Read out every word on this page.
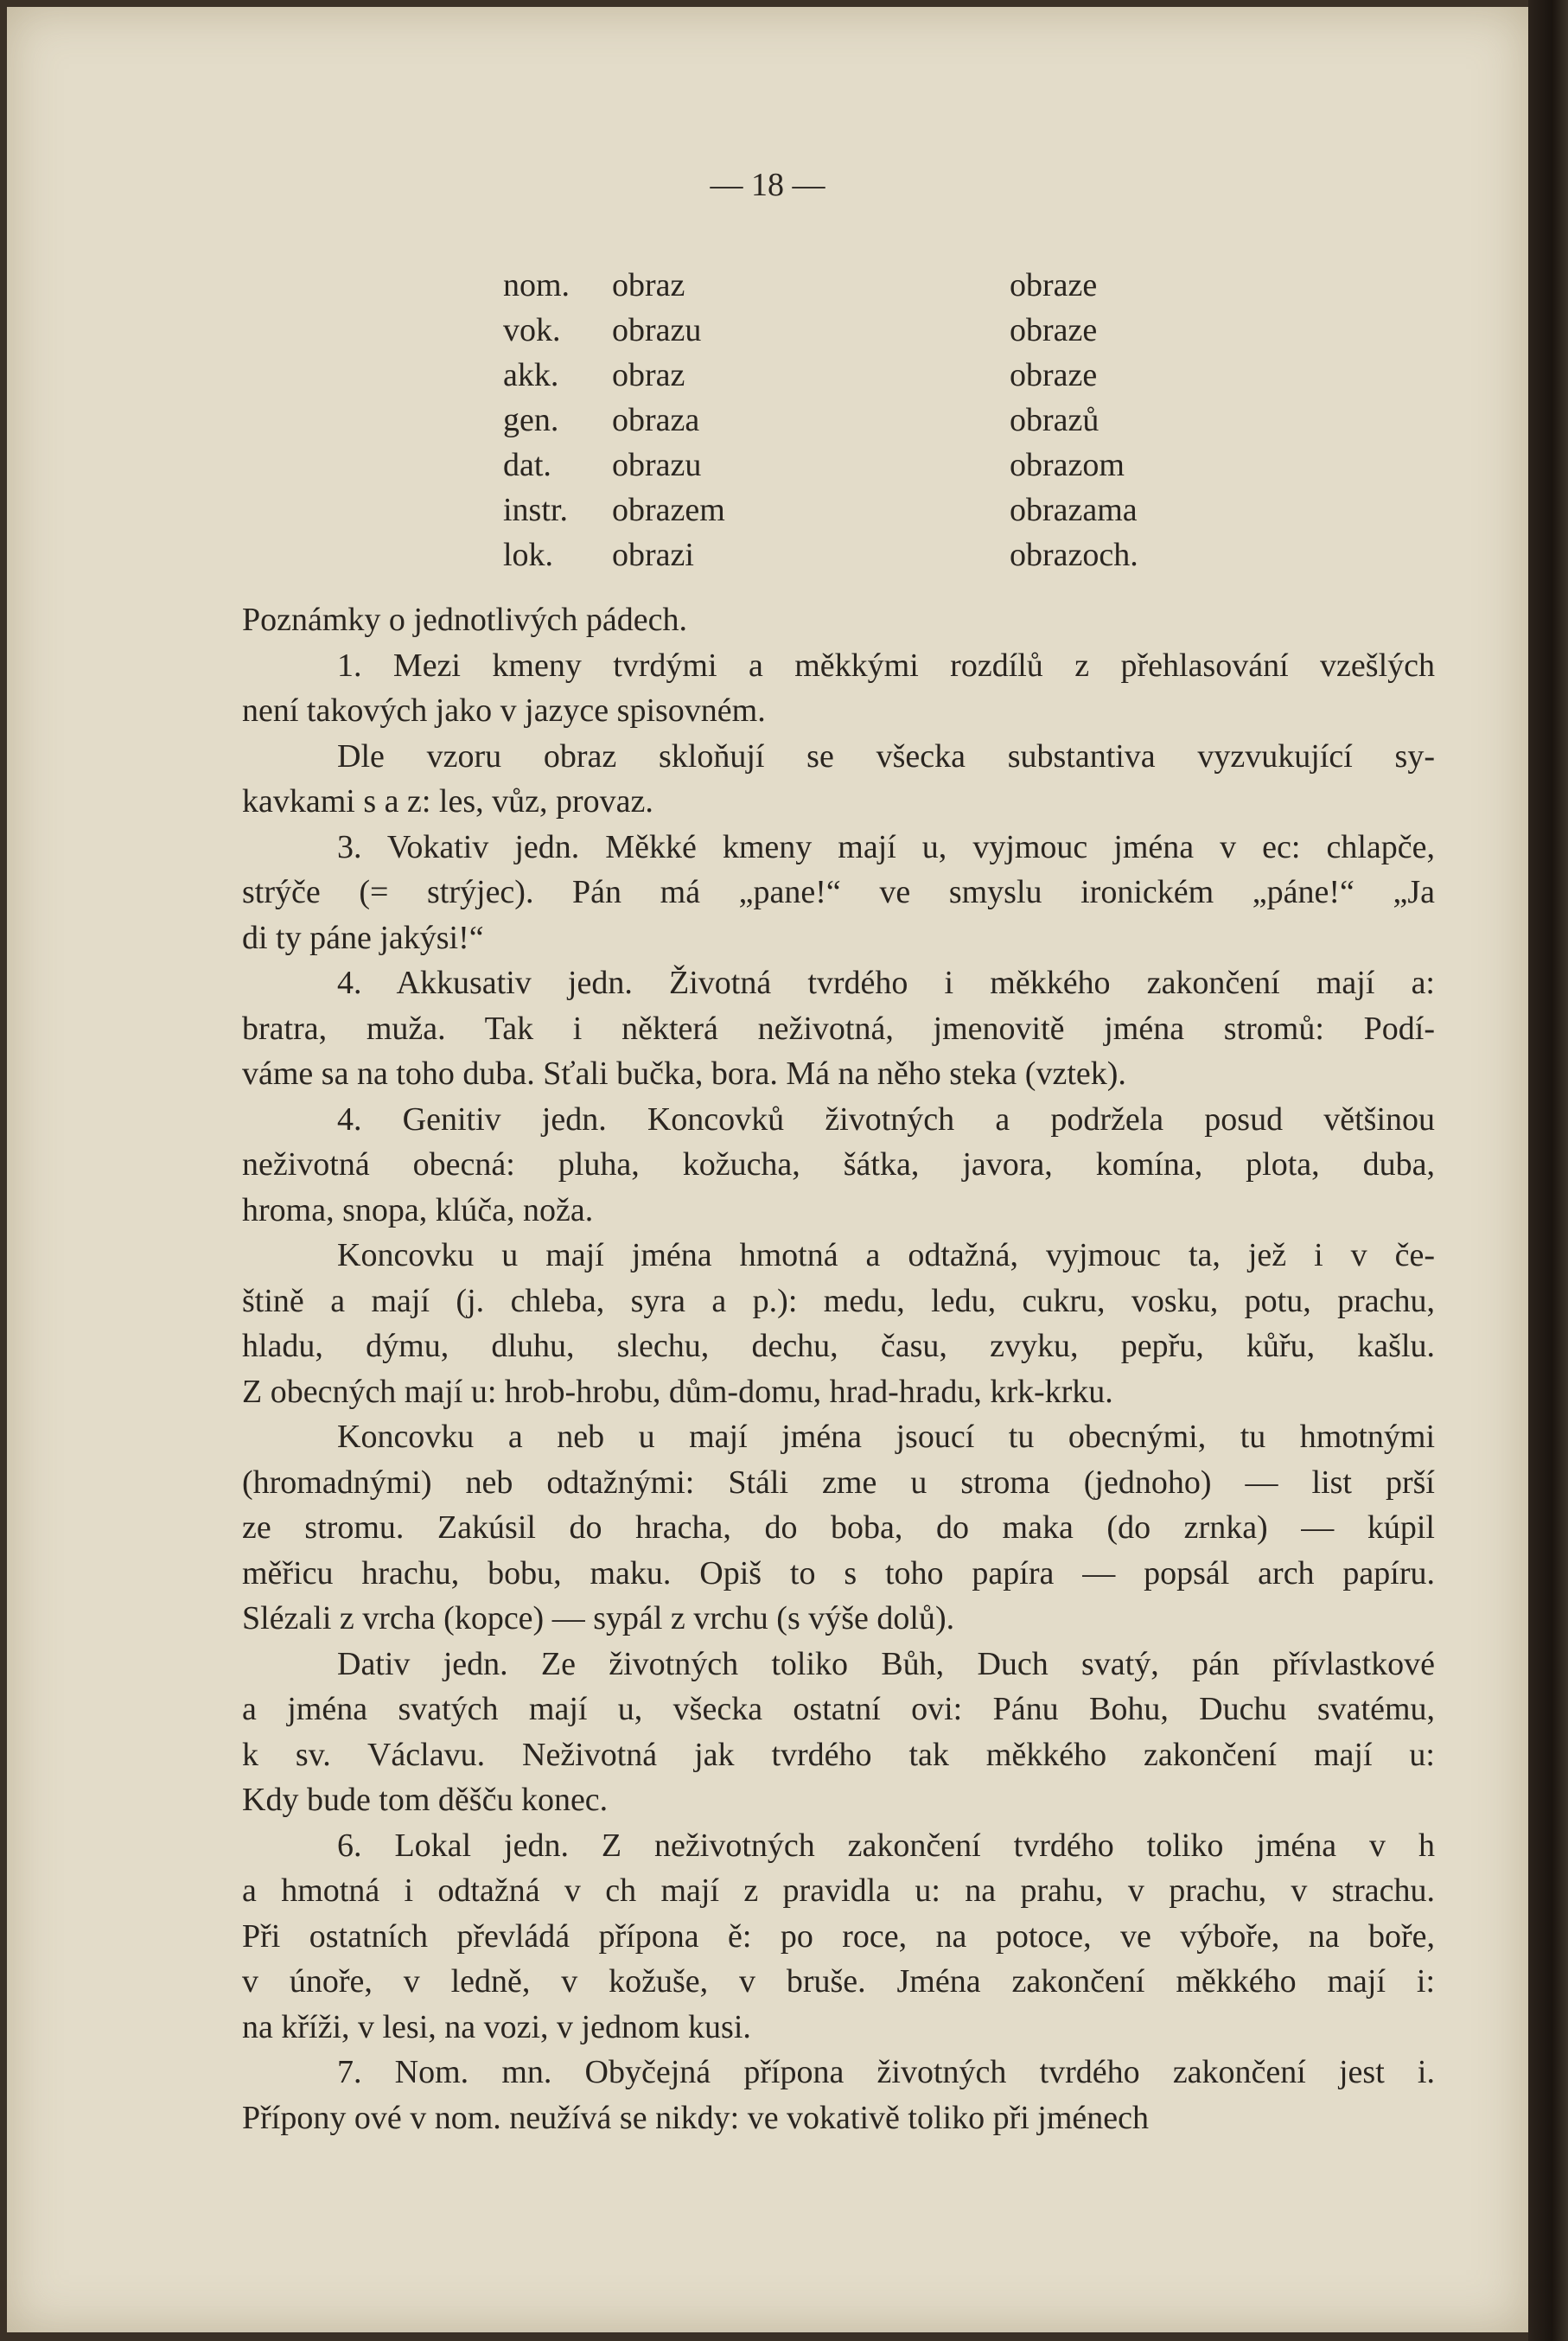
— 18 —
nom.	obraz	obraze
vok.	obrazu	obraze
akk.	obraz	obraze
gen.	obraza	obrazů
dat.	obrazu	obrazom
instr.	obrazem	obrazama
lok.	obrazi	obrazoch.

Poznámky o jednotlivých pádech.

1. Mezi kmeny tvrdými a měkkými rozdílů z přehlasování vzešlých

není takových jako v jazyce spisovném.

Dle vzoru obraz skloňují se všecka substantiva vyzvukující sy-

kavkami s a z: les, vůz, provaz.

3. Vokativ jedn. Měkké kmeny mají u, vyjmouc jména v ec: chlapče,

strýče (= strýjec). Pán má „pane!“ ve smyslu ironickém „páne!“ „Ja

di ty páne jakýsi!“

4. Akkusativ jedn. Životná tvrdého i měkkého zakončení mají a:

bratra, muža. Tak i některá neživotná, jmenovitě jména stromů: Podí-

váme sa na toho duba. Sťali bučka, bora. Má na něho steka (vztek).

4. Genitiv jedn. Koncovků životných a podržela posud většinou

neživotná obecná: pluha, kožucha, šátka, javora, komína, plota, duba,

hroma, snopa, klúča, noža.

Koncovku u mají jména hmotná a odtažná, vyjmouc ta, jež i v če-

štině a mají (j. chleba, syra a p.): medu, ledu, cukru, vosku, potu, prachu,

hladu, dýmu, dluhu, slechu, dechu, času, zvyku, pepřu, kůřu, kašlu.

Z obecných mají u: hrob-hrobu, dům-domu, hrad-hradu, krk-krku.

Koncovku a neb u mají jména jsoucí tu obecnými, tu hmotnými

(hromadnými) neb odtažnými: Stáli zme u stroma (jednoho) — list prší

ze stromu. Zakúsil do hracha, do boba, do maka (do zrnka) — kúpil

měřicu hrachu, bobu, maku. Opiš to s toho papíra — popsál arch papíru.

Slézali z vrcha (kopce) — sypál z vrchu (s výše dolů).

Dativ jedn. Ze životných toliko Bůh, Duch svatý, pán přívlastkové

a jména svatých mají u, všecka ostatní ovi: Pánu Bohu, Duchu svatému,

k sv. Václavu. Neživotná jak tvrdého tak měkkého zakončení mají u:

Kdy bude tom děšču konec.

6. Lokal jedn. Z neživotných zakončení tvrdého toliko jména v h

a hmotná i odtažná v ch mají z pravidla u: na prahu, v prachu, v strachu.

Při ostatních převládá přípona ě: po roce, na potoce, ve výboře, na boře,

v únoře, v ledně, v kožuše, v bruše. Jména zakončení měkkého mají i:

na kříži, v lesi, na vozi, v jednom kusi.

7. Nom. mn. Obyčejná přípona životných tvrdého zakončení jest i.

Přípony ové v nom. neužívá se nikdy: ve vokativě toliko při jménech
